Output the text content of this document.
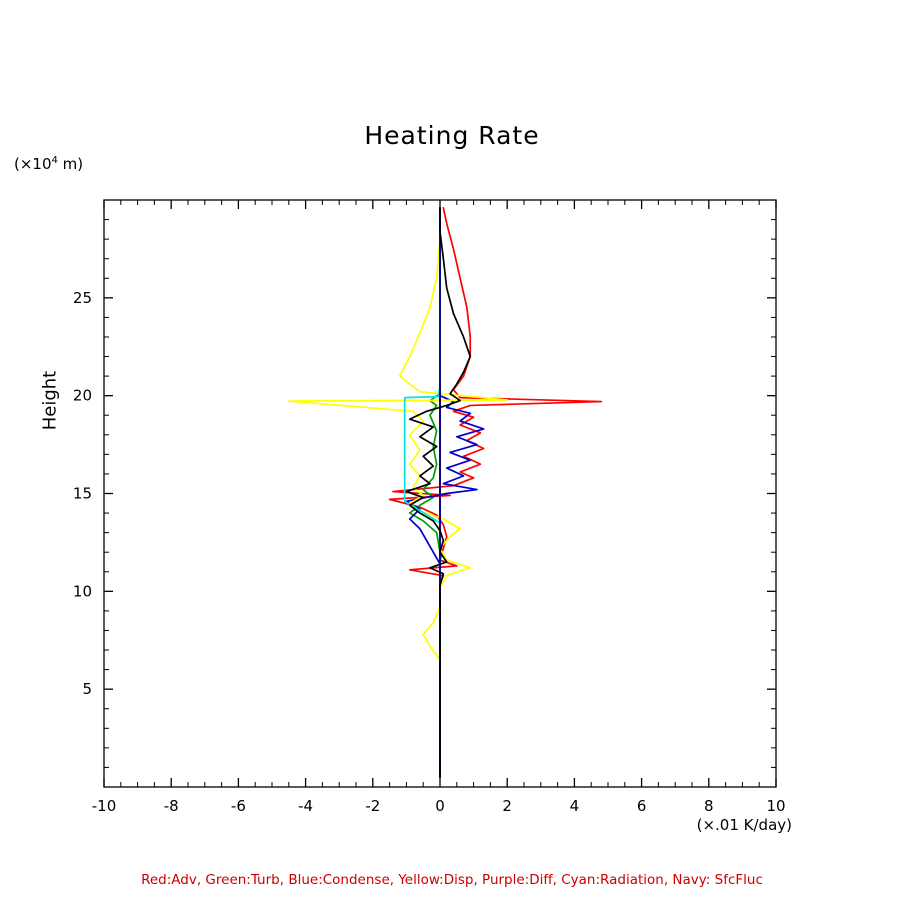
Heating Rate
($\times 10^4$ m)
Height
(×.01 K/day)
-10	-8	-6	-4	-2	0	2	4	6	8	10
5
10
15
20
25
Red:Adv, Green:Turb, Blue:Condense, Yellow:Disp, Purple:Diff, Cyan:Radiation, Navy: SfcFluc
